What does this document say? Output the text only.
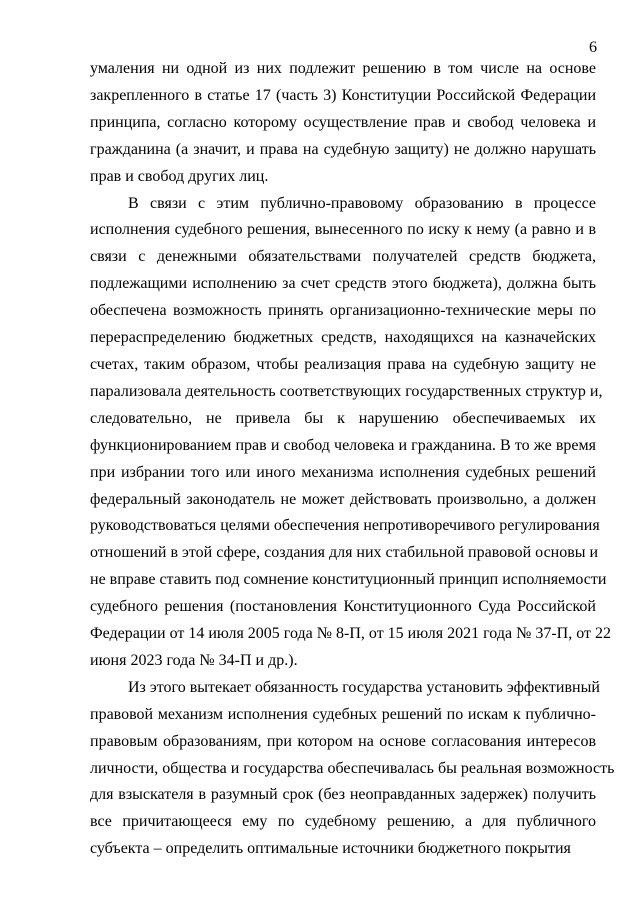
6
умаления ни одной из них подлежит решению в том числе на основе
закрепленного в статье 17 (часть 3) Конституции Российской Федерации
принципа, согласно которому осуществление прав и свобод человека и
гражданина (а значит, и права на судебную защиту) не должно нарушать
прав и свобод других лиц.
В связи с этим публично-правовому образованию в процессе
исполнения судебного решения, вынесенного по иску к нему (а равно и в
связи с денежными обязательствами получателей средств бюджета,
подлежащими исполнению за счет средств этого бюджета), должна быть
обеспечена возможность принять организационно-технические меры по
перераспределению бюджетных средств, находящихся на казначейских
счетах, таким образом, чтобы реализация права на судебную защиту не
парализовала деятельность соответствующих государственных структур и,
следовательно, не привела бы к нарушению обеспечиваемых их
функционированием прав и свобод человека и гражданина. В то же время
при избрании того или иного механизма исполнения судебных решений
федеральный законодатель не может действовать произвольно, а должен
руководствоваться целями обеспечения непротиворечивого регулирования
отношений в этой сфере, создания для них стабильной правовой основы и
не вправе ставить под сомнение конституционный принцип исполняемости
судебного решения (постановления Конституционного Суда Российской
Федерации от 14 июля 2005 года № 8-П, от 15 июля 2021 года № 37-П, от 22
июня 2023 года № 34-П и др.).
Из этого вытекает обязанность государства установить эффективный
правовой механизм исполнения судебных решений по искам к публично-
правовым образованиям, при котором на основе согласования интересов
личности, общества и государства обеспечивалась бы реальная возможность
для взыскателя в разумный срок (без неоправданных задержек) получить
все причитающееся ему по судебному решению, а для публичного
субъекта – определить оптимальные источники бюджетного покрытия
